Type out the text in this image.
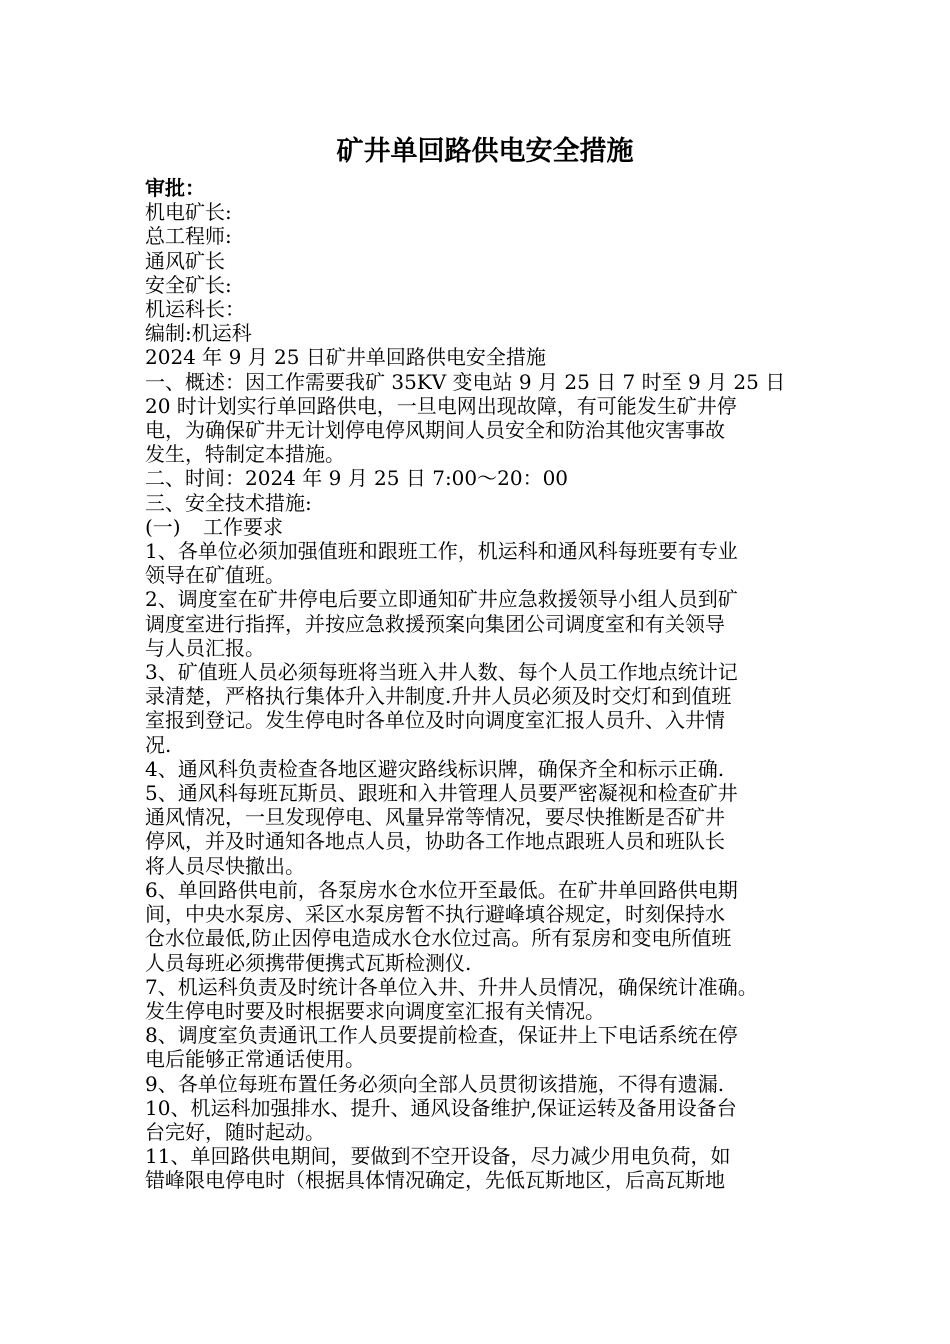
矿井单回路供电安全措施
审批：
机电矿长:
总工程师:
通风矿长
安全矿长:
机运科长：
编制:机运科
2024 年 9 月 25 日矿井单回路供电安全措施
一、概述：因工作需要我矿 35KV 变电站 9 月 25 日 7 时至 9 月 25 日
20 时计划实行单回路供电，一旦电网出现故障，有可能发生矿井停
电，为确保矿井无计划停电停风期间人员安全和防治其他灾害事故
发生，特制定本措施。
二、时间：2024 年 9 月 25 日 7:00～20：00
三、安全技术措施:
(一) 工作要求
1、各单位必须加强值班和跟班工作，机运科和通风科每班要有专业
领导在矿值班。
2、调度室在矿井停电后要立即通知矿井应急救援领导小组人员到矿
调度室进行指挥，并按应急救援预案向集团公司调度室和有关领导
与人员汇报。
3、矿值班人员必须每班将当班入井人数、每个人员工作地点统计记
录清楚，严格执行集体升入井制度.升井人员必须及时交灯和到值班
室报到登记。发生停电时各单位及时向调度室汇报人员升、入井情
况.
4、通风科负责检查各地区避灾路线标识牌，确保齐全和标示正确.
5、通风科每班瓦斯员、跟班和入井管理人员要严密凝视和检查矿井
通风情况，一旦发现停电、风量异常等情况，要尽快推断是否矿井
停风，并及时通知各地点人员，协助各工作地点跟班人员和班队长
将人员尽快撤出。
6、单回路供电前，各泵房水仓水位开至最低。在矿井单回路供电期
间，中央水泵房、采区水泵房暂不执行避峰填谷规定，时刻保持水
仓水位最低,防止因停电造成水仓水位过高。所有泵房和变电所值班
人员每班必须携带便携式瓦斯检测仪.
7、机运科负责及时统计各单位入井、升井人员情况，确保统计准确。
发生停电时要及时根据要求向调度室汇报有关情况。
8、调度室负责通讯工作人员要提前检查，保证井上下电话系统在停
电后能够正常通话使用。
9、各单位每班布置任务必须向全部人员贯彻该措施，不得有遗漏.
10、机运科加强排水、提升、通风设备维护,保证运转及备用设备台
台完好，随时起动。
11、单回路供电期间，要做到不空开设备，尽力减少用电负荷，如
错峰限电停电时（根据具体情况确定，先低瓦斯地区，后高瓦斯地
